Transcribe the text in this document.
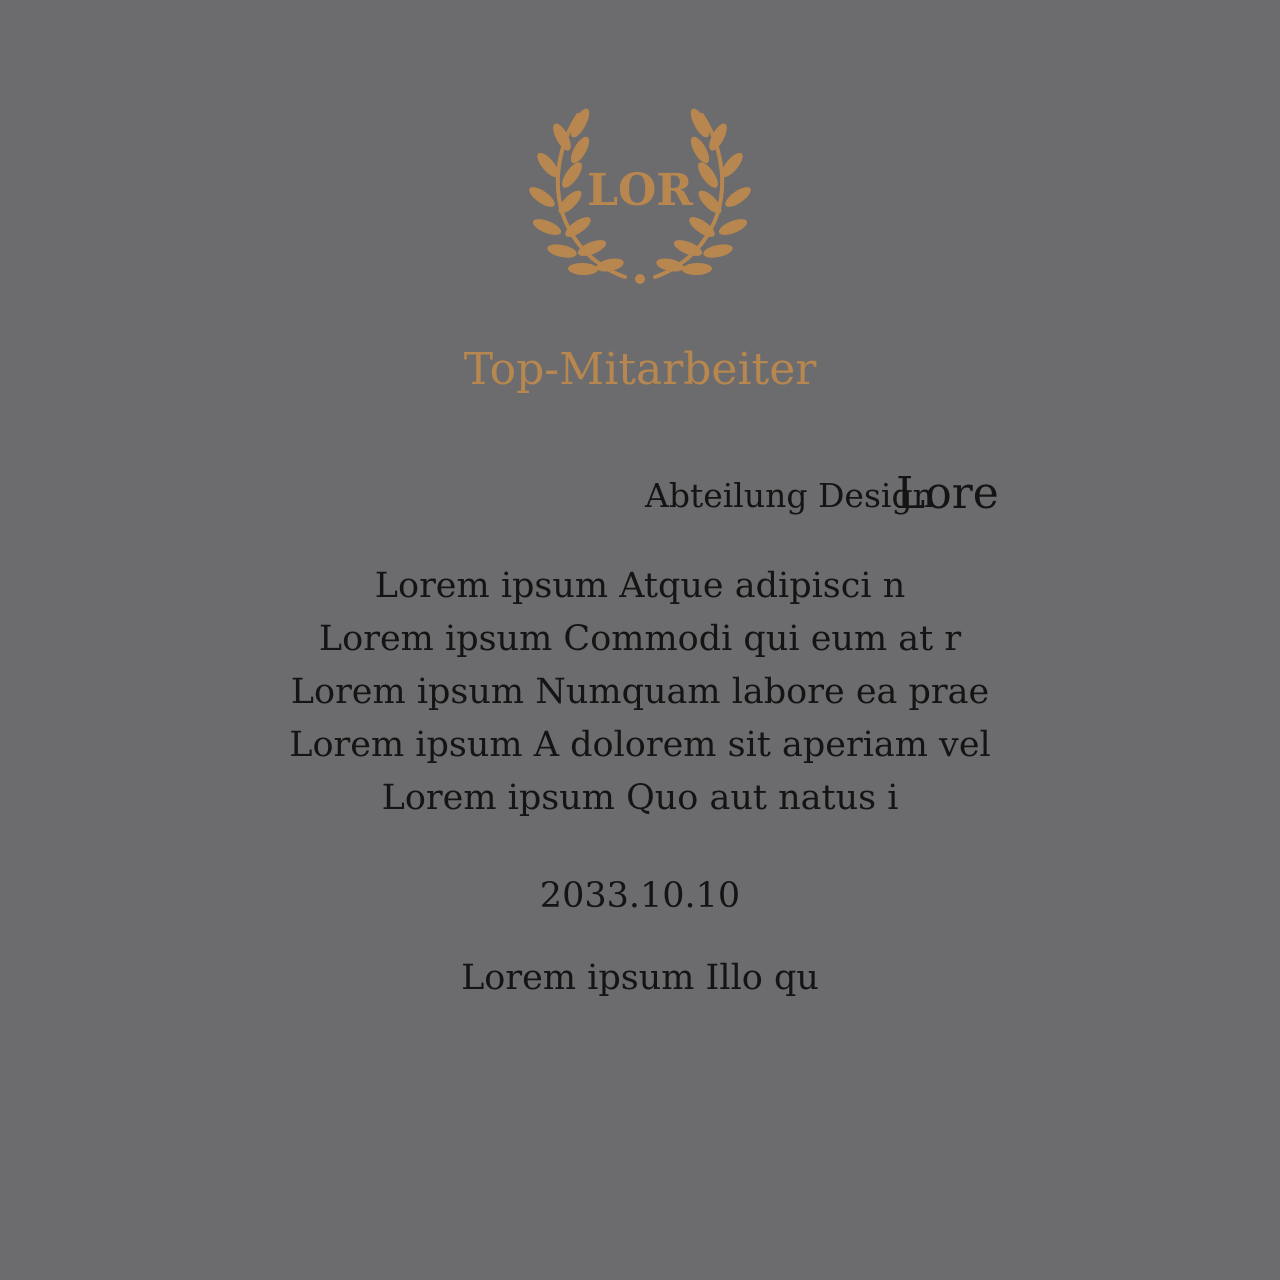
LOR
Top-Mitarbeiter
Abteilung Design
Lore
Lorem ipsum Atque adipisci n
Lorem ipsum Commodi qui eum at r
Lorem ipsum Numquam labore ea prae
Lorem ipsum A dolorem sit aperiam vel
Lorem ipsum Quo aut natus i
2033.10.10
Lorem ipsum Illo qu
